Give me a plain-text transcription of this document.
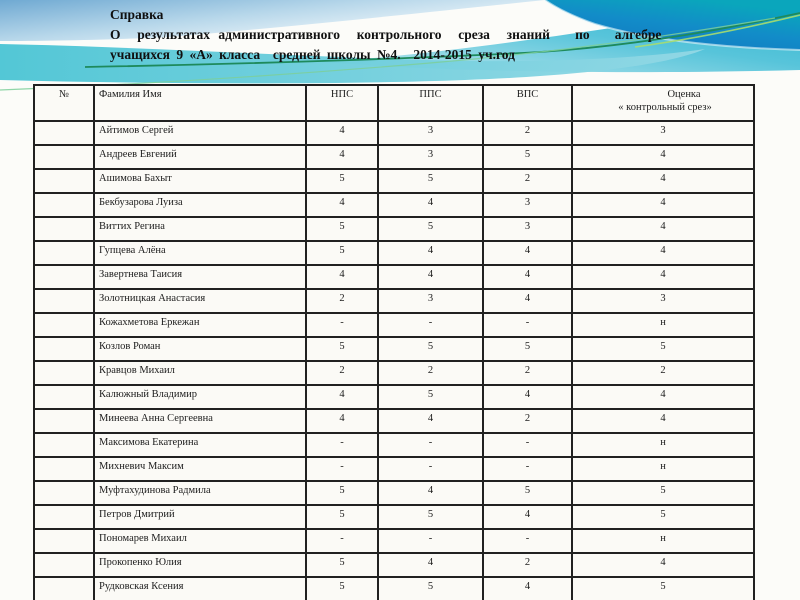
Справка
О  результатах административного  контрольного  среза  знаний   по   алгебре
учащихся 9 «А» класса  средней школы №4.  2014-2015 уч.год
№	Фамилия Имя	НПС	ППС	ВПС	Оценка
« контрольный срез»

	Айтимов Сергей	4	3	2	3
	Андреев Евгений	4	3	5	4
	Ашимова Бахыт	5	5	2	4
	Бекбузарова Луиза	4	4	3	4
	Виттих Регина	5	5	3	4
	Гупцева Алёна	5	4	4	4
	Завертнева Таисия	4	4	4	4
	Золотницкая Анастасия	2	3	4	3
	Кожахметова Еркежан	-	-	-	н
	Козлов Роман	5	5	5	5
	Кравцов Михаил	2	2	2	2
	Калюжный Владимир	4	5	4	4
	Минеева Анна Сергеевна	4	4	2	4
	Максимова Екатерина	-	-	-	н
	Михневич Максим	-	-	-	н
	Муфтахудинова Радмила	5	4	5	5
	Петров Дмитрий	5	5	4	5
	Пономарев Михаил	-	-	-	н
	Прокопенко Юлия	5	4	2	4
	Рудковская Ксения	5	5	4	5
